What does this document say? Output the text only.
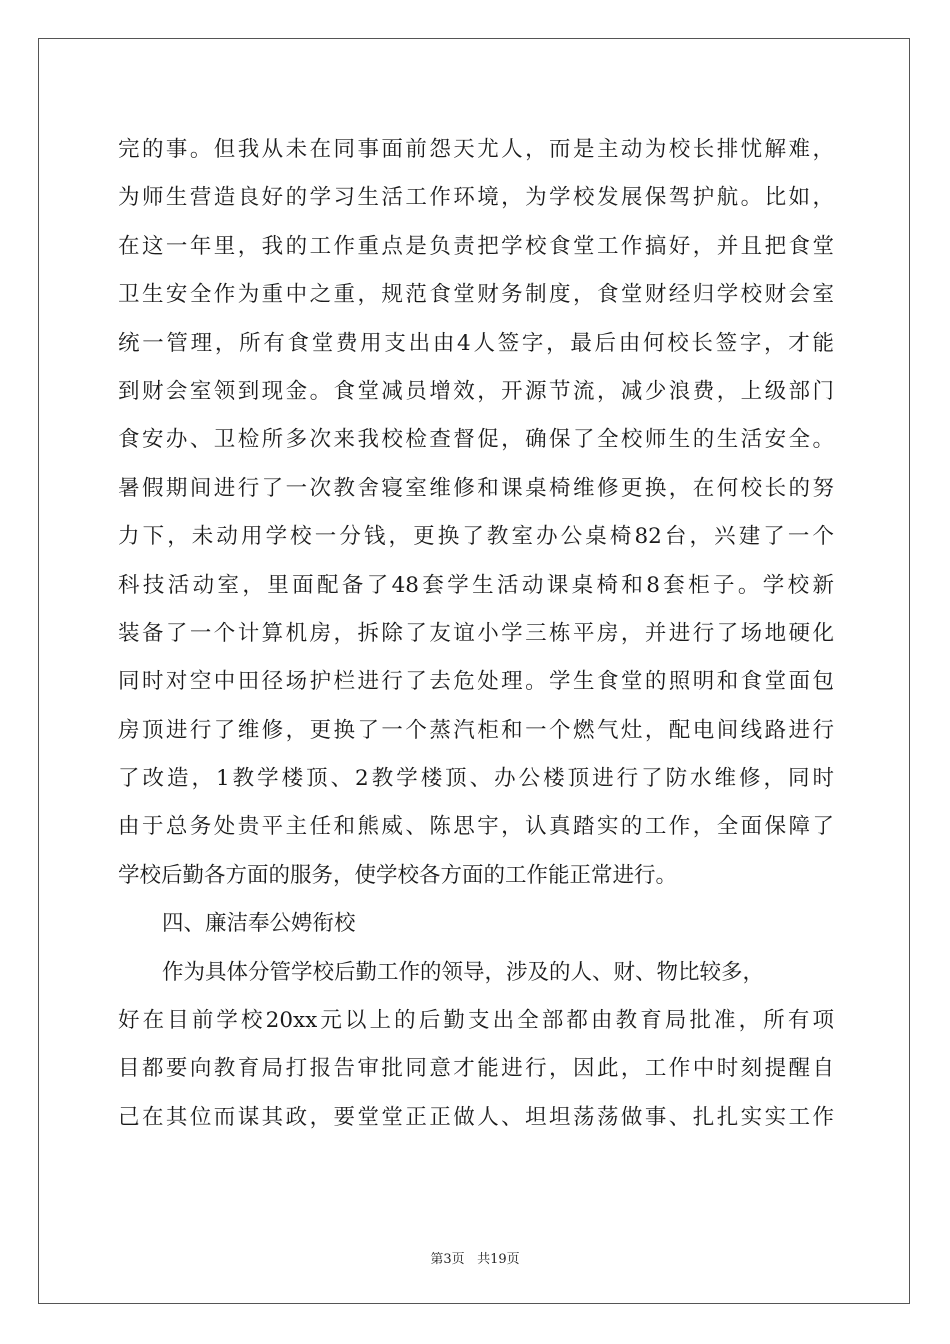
完的事。但我从未在同事面前怨天尤人，而是主动为校长排忧解难，
为师生营造良好的学习生活工作环境，为学校发展保驾护航。比如，
在这一年里，我的工作重点是负责把学校食堂工作搞好，并且把食堂
卫生安全作为重中之重，规范食堂财务制度，食堂财经归学校财会室
统一管理，所有食堂费用支出由4人签字，最后由何校长签字，才能
到财会室领到现金。食堂减员增效，开源节流，减少浪费，上级部门
食安办、卫检所多次来我校检查督促，确保了全校师生的生活安全。
暑假期间进行了一次教舍寝室维修和课桌椅维修更换，在何校长的努
力下，未动用学校一分钱，更换了教室办公桌椅82台，兴建了一个
科技活动室，里面配备了48套学生活动课桌椅和8套柜子。学校新
装备了一个计算机房，拆除了友谊小学三栋平房，并进行了场地硬化
同时对空中田径场护栏进行了去危处理。学生食堂的照明和食堂面包
房顶进行了维修，更换了一个蒸汽柜和一个燃气灶，配电间线路进行
了改造，1教学楼顶、2教学楼顶、办公楼顶进行了防水维修，同时
由于总务处贵平主任和熊威、陈思宇，认真踏实的工作，全面保障了
学校后勤各方面的服务，使学校各方面的工作能正常进行。
四、廉洁奉公娉衔校
作为具体分管学校后勤工作的领导，涉及的人、财、物比较多，
好在目前学校20xx元以上的后勤支出全部都由教育局批准，所有项
目都要向教育局打报告审批同意才能进行，因此，工作中时刻提醒自
己在其位而谋其政，要堂堂正正做人、坦坦荡荡做事、扎扎实实工作
第3页 共19页
